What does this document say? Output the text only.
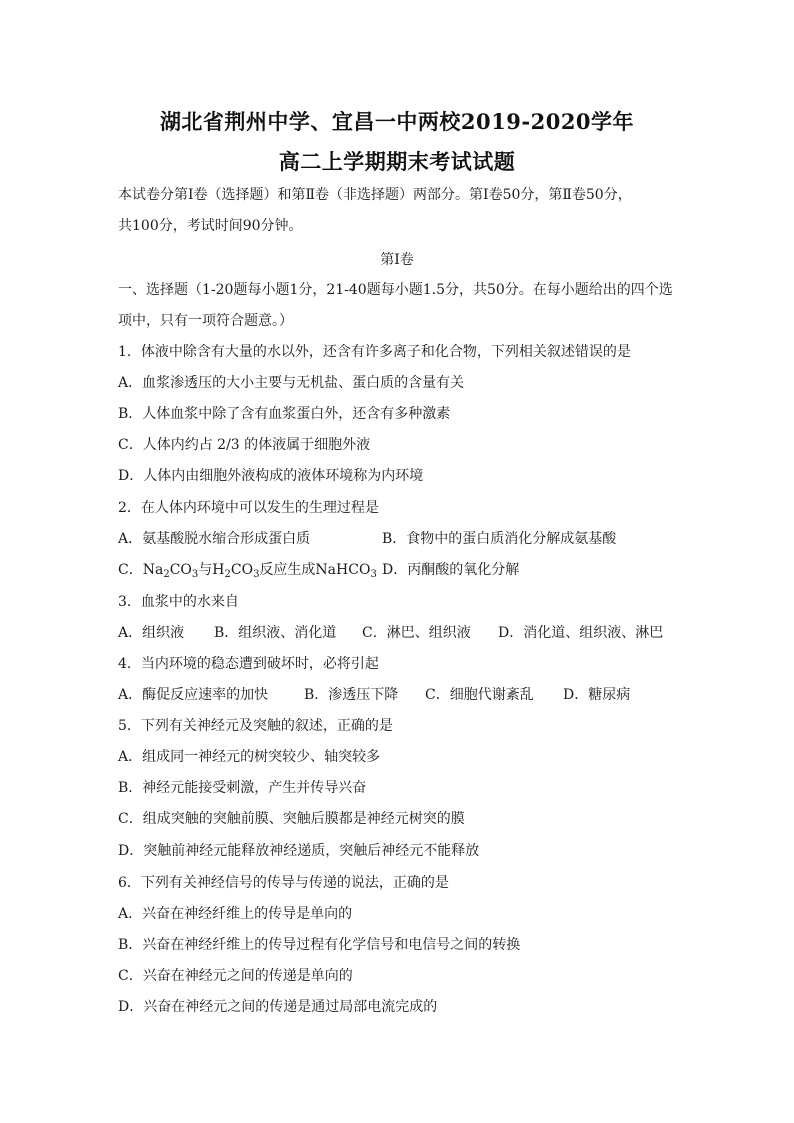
湖北省荆州中学、宜昌一中两校2019-2020学年
高二上学期期末考试试题
本试卷分第Ⅰ卷（选择题）和第Ⅱ卷（非选择题）两部分。第Ⅰ卷50分，第Ⅱ卷50分，
共100分，考试时间90分钟。
第Ⅰ卷
一、选择题（1-20题每小题1分，21-40题每小题1.5分，共50分。在每小题给出的四个选
项中，只有一项符合题意。）
1．体液中除含有大量的水以外，还含有许多离子和化合物，下列相关叙述错误的是
A．血浆渗透压的大小主要与无机盐、蛋白质的含量有关
B．人体血浆中除了含有血浆蛋白外，还含有多种激素
C．人体内约占 2/3 的体液属于细胞外液
D．人体内由细胞外液构成的液体环境称为内环境
2．在人体内环境中可以发生的生理过程是
A．氨基酸脱水缩合形成蛋白质	B．食物中的蛋白质消化分解成氨基酸
C．$Na_2CO_3$与$H_2CO_3$反应生成NaHCO$_3$ D．丙酮酸的氧化分解
3．血浆中的水来自
A．组织液 B．组织液、消化道 C．淋巴、组织液 D．消化道、组织液、淋巴
4．当内环境的稳态遭到破坏时，必将引起
A．酶促反应速率的加快	B．渗透压下降 C．细胞代谢紊乱 D．糖尿病
5．下列有关神经元及突触的叙述，正确的是
A．组成同一神经元的树突较少、轴突较多
B．神经元能接受刺激，产生并传导兴奋
C．组成突触的突触前膜、突触后膜都是神经元树突的膜
D．突触前神经元能释放神经递质，突触后神经元不能释放
6．下列有关神经信号的传导与传递的说法，正确的是
A．兴奋在神经纤维上的传导是单向的
B．兴奋在神经纤维上的传导过程有化学信号和电信号之间的转换
C．兴奋在神经元之间的传递是单向的
D．兴奋在神经元之间的传递是通过局部电流完成的
